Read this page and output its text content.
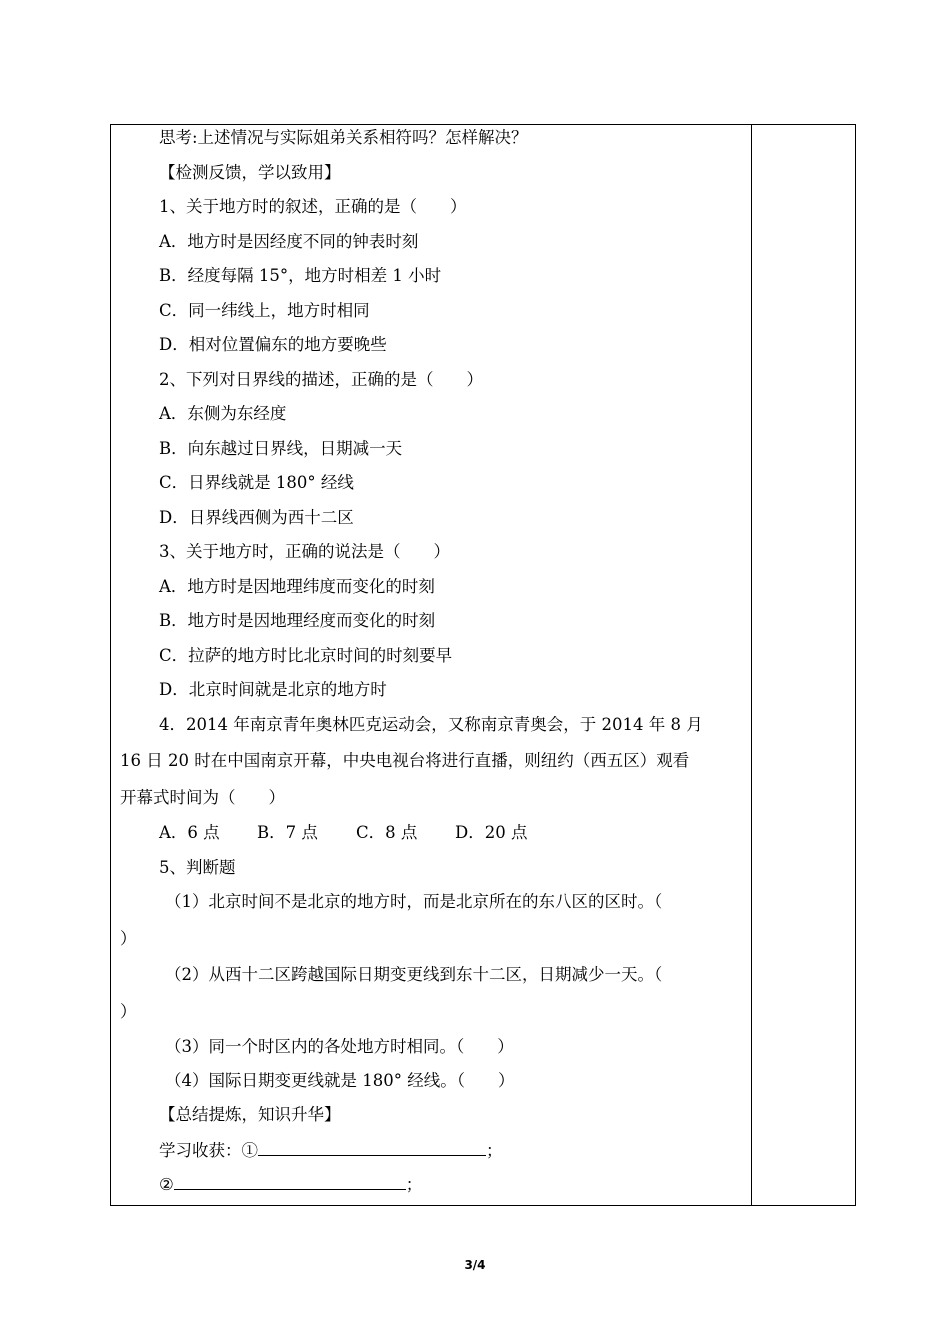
思考:上述情况与实际姐弟关系相符吗？怎样解决？
【检测反馈，学以致用】
1、关于地方时的叙述，正确的是（　　）
A．地方时是因经度不同的钟表时刻
B．经度每隔 15°，地方时相差 1 小时
C．同一纬线上，地方时相同
D．相对位置偏东的地方要晚些
2、下列对日界线的描述，正确的是（　　）
A．东侧为东经度
B．向东越过日界线，日期减一天
C．日界线就是 180° 经线
D．日界线西侧为西十二区
3、关于地方时，正确的说法是（　　）
A．地方时是因地理纬度而变化的时刻
B．地方时是因地理经度而变化的时刻
C．拉萨的地方时比北京时间的时刻要早
D．北京时间就是北京的地方时
4．2014 年南京青年奥林匹克运动会，又称南京青奥会，于 2014 年 8 月
16 日 20 时在中国南京开幕，中央电视台将进行直播，则纽约（西五区）观看
开幕式时间为（　　）
A．6 点 B．7 点 C．8 点 D．20 点
5、判断题
（1）北京时间不是北京的地方时，而是北京所在的东八区的区时。（
）
（2）从西十二区跨越国际日期变更线到东十二区，日期减少一天。（
）
（3）同一个时区内的各处地方时相同。（　　）
（4）国际日期变更线就是 180° 经线。（　　）
【总结提炼，知识升华】
学习收获：①	；
②	；
3/4
